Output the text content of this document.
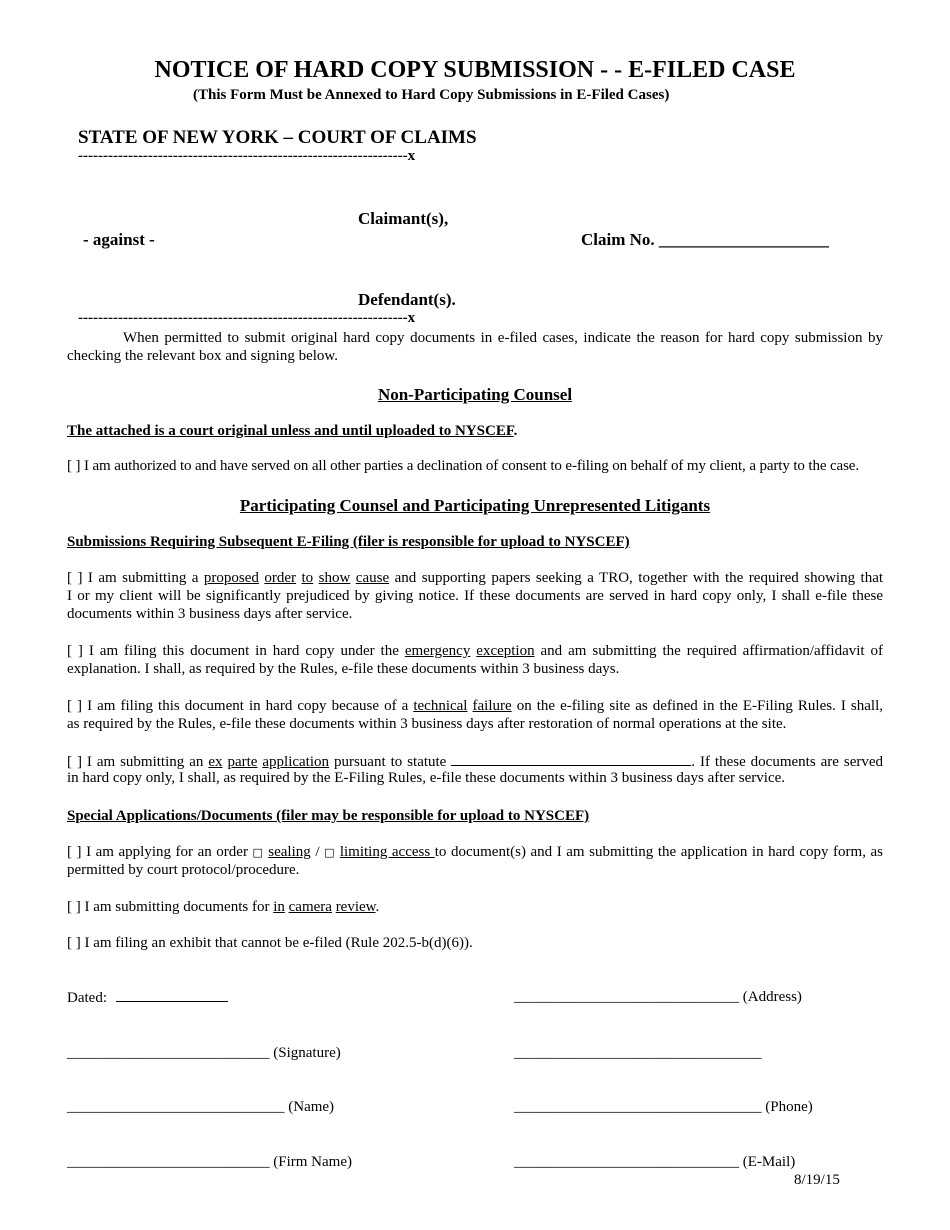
NOTICE OF HARD COPY SUBMISSION - - E-FILED CASE
(This Form Must be Annexed to Hard Copy Submissions in E-Filed Cases)
STATE OF NEW YORK – COURT OF CLAIMS
------------------------------------------------------------------x
Claimant(s),
- against -	Claim No. ____________________
Defendant(s).
------------------------------------------------------------------x
When permitted to submit original hard copy documents in e-filed cases, indicate the reason for hard copy submission by
checking the relevant box and signing below.
Non-Participating Counsel
The attached is a court original unless and until uploaded to NYSCEF.
[ ] I am authorized to and have served on all other parties a declination of consent to e-filing on behalf of my client, a party to the case.
Participating Counsel and Participating Unrepresented Litigants
Submissions Requiring Subsequent E-Filing (filer is responsible for upload to NYSCEF)
[ ] I am submitting a proposed order to show cause and supporting papers seeking a TRO, together with the required showing that
I or my client will be significantly prejudiced by giving notice. If these documents are served in hard copy only, I shall e-file these
documents within 3 business days after service.
[ ] I am filing this document in hard copy under the emergency exception and am submitting the required affirmation/affidavit of
explanation. I shall, as required by the Rules, e-file these documents within 3 business days.
[ ] I am filing this document in hard copy because of a technical failure on the e-filing site as defined in the E-Filing Rules. I shall,
as required by the Rules, e-file these documents within 3 business days after restoration of normal operations at the site.
[ ] I am submitting an ex parte application pursuant to statute	. If these documents are served
in hard copy only, I shall, as required by the E-Filing Rules, e-file these documents within 3 business days after service.
Special Applications/Documents (filer may be responsible for upload to NYSCEF)
[ ] I am applying for an order □ sealing / □ limiting access to document(s) and I am submitting the application in hard copy form, as
permitted by court protocol/procedure.
[ ] I am submitting documents for in camera review.
[ ] I am filing an exhibit that cannot be e-filed (Rule 202.5-b(d)(6)).
Dated:	______________________________ (Address)
___________________________ (Signature)	_________________________________
_____________________________ (Name)	_________________________________ (Phone)
___________________________ (Firm Name)	______________________________ (E-Mail)
8/19/15
